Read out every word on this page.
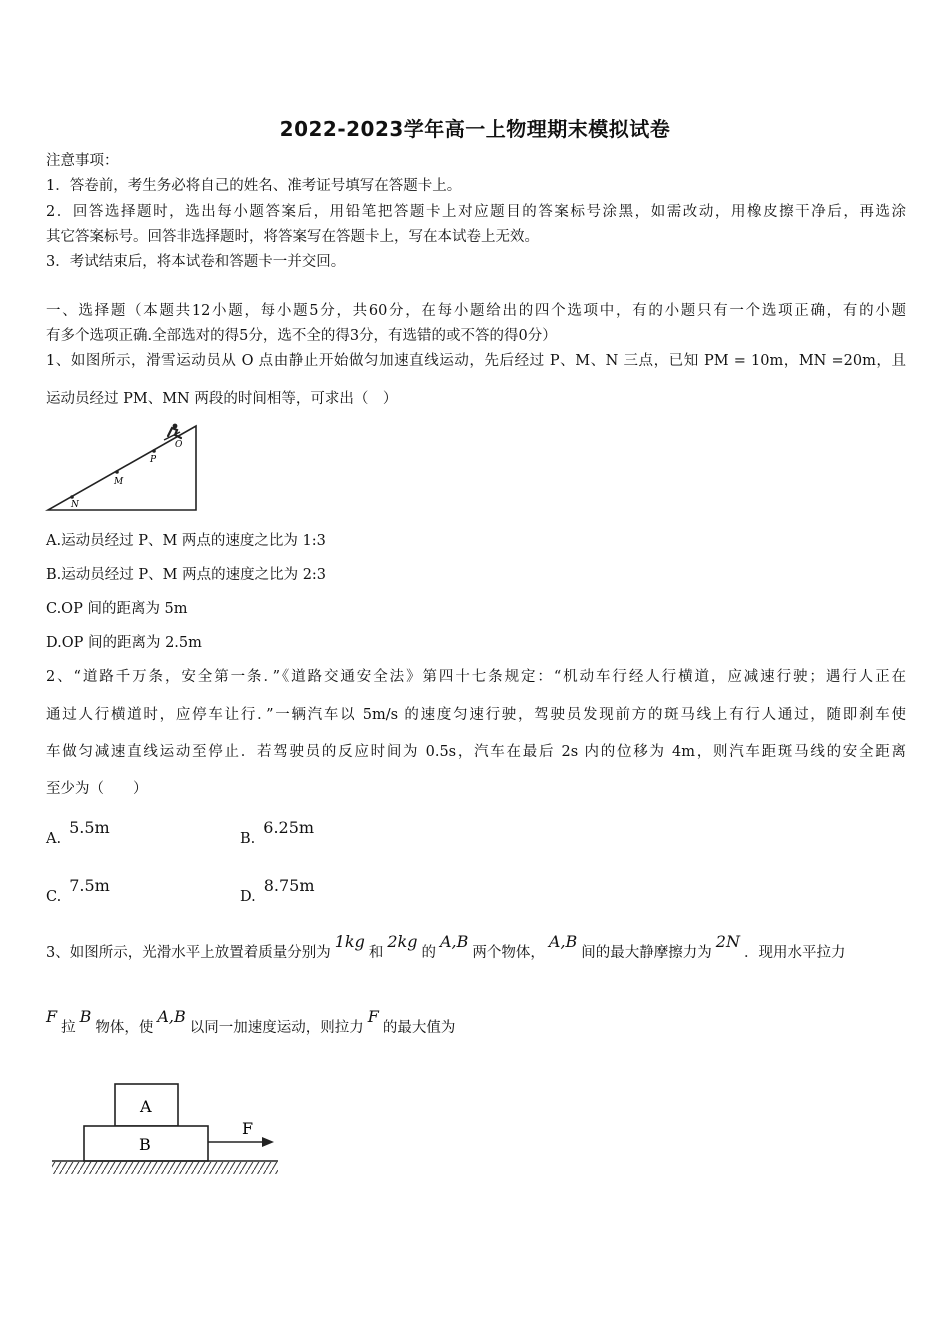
2022-2023学年高一上物理期末模拟试卷
注意事项：
1．答卷前，考生务必将自己的姓名、准考证号填写在答题卡上。
2．回答选择题时，选出每小题答案后，用铅笔把答题卡上对应题目的答案标号涂黑，如需改动，用橡皮擦干净后，再选涂
其它答案标号。回答非选择题时，将答案写在答题卡上，写在本试卷上无效。
3．考试结束后，将本试卷和答题卡一并交回。
一、选择题（本题共12小题，每小题5分，共60分，在每小题给出的四个选项中，有的小题只有一个选项正确，有的小题
有多个选项正确.全部选对的得5分，选不全的得3分，有选错的或不答的得0分）
1、如图所示，滑雪运动员从 O 点由静止开始做匀加速直线运动，先后经过 P、M、N 三点，已知 PM = 10m，MN =20m，且
运动员经过 PM、MN 两段的时间相等，可求出（　）
O
P
M
N
A.运动员经过 P、M 两点的速度之比为 1:3
B.运动员经过 P、M 两点的速度之比为 2:3
C.OP 间的距离为 5m
D.OP 间的距离为 2.5m
2、“道路千万条，安全第一条．”《道路交通安全法》第四十七条规定：“机动车行经人行横道，应减速行驶；遇行人正在
通过人行横道时，应停车让行．”一辆汽车以 5m/s 的速度匀速行驶，驾驶员发现前方的斑马线上有行人通过，随即刹车使
车做匀减速直线运动至停止．若驾驶员的反应时间为 0.5s，汽车在最后 2s 内的位移为 4m，则汽车距斑马线的安全距离
至少为（　　）
A.5.5m
B.6.25m
C.7.5m
D.8.75m
3、如图所示，光滑水平上放置着质量分别为1kg和2kg的A,B两个物体，A,B间的最大静摩擦力为2N．现用水平拉力
F拉B物体，使A,B以同一加速度运动，则拉力F的最大值为
A
B
F
